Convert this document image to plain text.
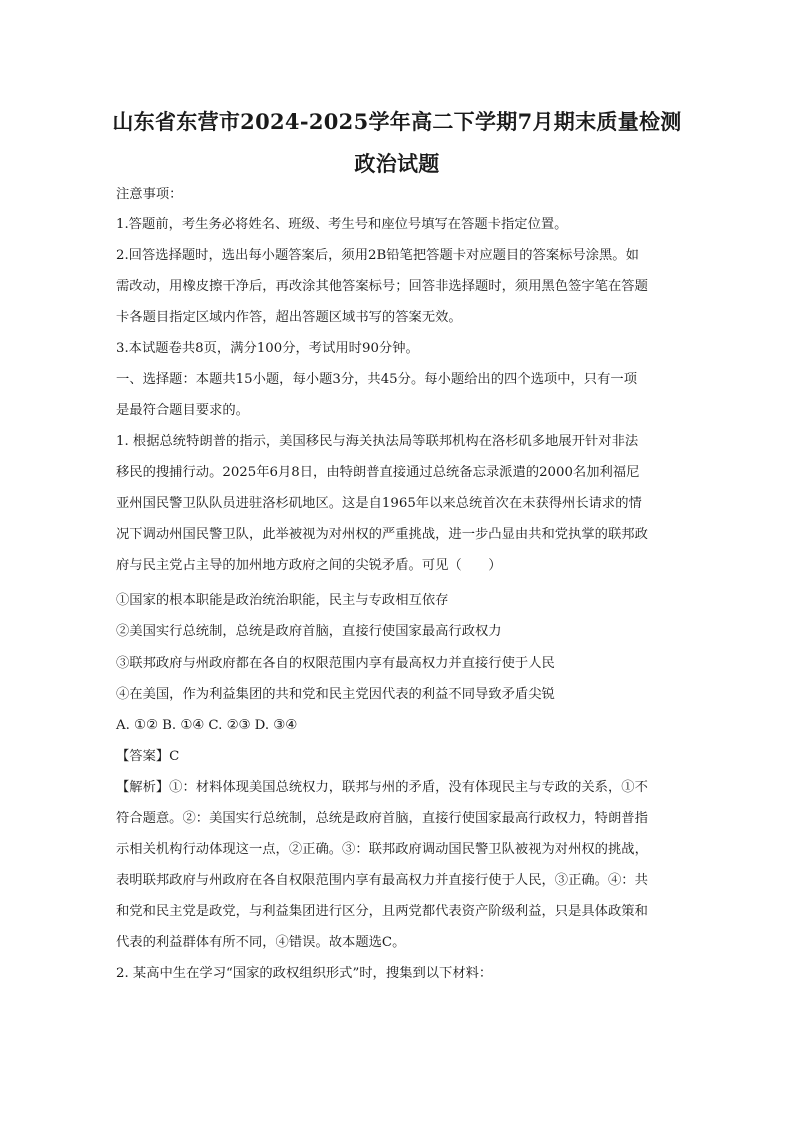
山东省东营市2024-2025学年高二下学期7月期末质量检测
政治试题
注意事项：
1.答题前，考生务必将姓名、班级、考生号和座位号填写在答题卡指定位置。
2.回答选择题时，选出每小题答案后，须用2B铅笔把答题卡对应题目的答案标号涂黑。如
需改动，用橡皮擦干净后，再改涂其他答案标号；回答非选择题时，须用黑色签字笔在答题
卡各题目指定区域内作答，超出答题区域书写的答案无效。
3.本试题卷共8页，满分100分，考试用时90分钟。
一、选择题：本题共15小题，每小题3分，共45分。每小题给出的四个选项中，只有一项
是最符合题目要求的。
1. 根据总统特朗普的指示，美国移民与海关执法局等联邦机构在洛杉矶多地展开针对非法
移民的搜捕行动。2025年6月8日，由特朗普直接通过总统备忘录派遣的2000名加利福尼
亚州国民警卫队队员进驻洛杉矶地区。这是自1965年以来总统首次在未获得州长请求的情
况下调动州国民警卫队，此举被视为对州权的严重挑战，进一步凸显由共和党执掌的联邦政
府与民主党占主导的加州地方政府之间的尖锐矛盾。可见（　　）
①国家的根本职能是政治统治职能，民主与专政相互依存
②美国实行总统制，总统是政府首脑，直接行使国家最高行政权力
③联邦政府与州政府都在各自的权限范围内享有最高权力并直接行使于人民
④在美国，作为利益集团的共和党和民主党因代表的利益不同导致矛盾尖锐
A. ①② B. ①④ C. ②③ D. ③④
【答案】C
【解析】①：材料体现美国总统权力，联邦与州的矛盾，没有体现民主与专政的关系，①不
符合题意。②：美国实行总统制，总统是政府首脑，直接行使国家最高行政权力，特朗普指
示相关机构行动体现这一点，②正确。③：联邦政府调动国民警卫队被视为对州权的挑战，
表明联邦政府与州政府在各自权限范围内享有最高权力并直接行使于人民，③正确。④：共
和党和民主党是政党，与利益集团进行区分，且两党都代表资产阶级利益，只是具体政策和
代表的利益群体有所不同，④错误。故本题选C。
2. 某高中生在学习“国家的政权组织形式”时，搜集到以下材料：
